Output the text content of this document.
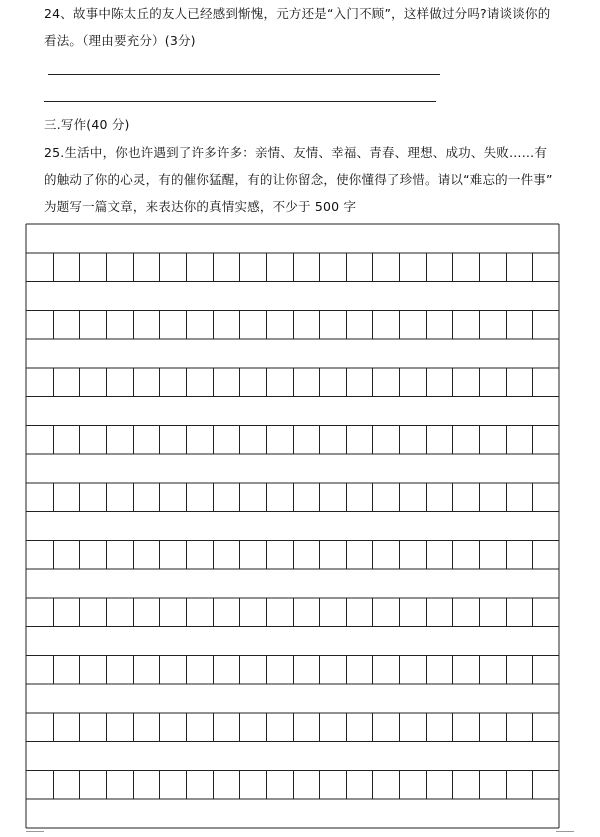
24、故事中陈太丘的友人已经感到惭愧，元方还是“入门不顾”，这样做过分吗?请谈谈你的
看法。（理由要充分）(3分)
三.写作(40 分)
25.生活中，你也许遇到了许多许多：亲情、友情、幸福、青春、理想、成功、失败……有
的触动了你的心灵，有的催你猛醒，有的让你留念，使你懂得了珍惜。请以“难忘的一件事”
为题写一篇文章，来表达你的真情实感，不少于 500 字
